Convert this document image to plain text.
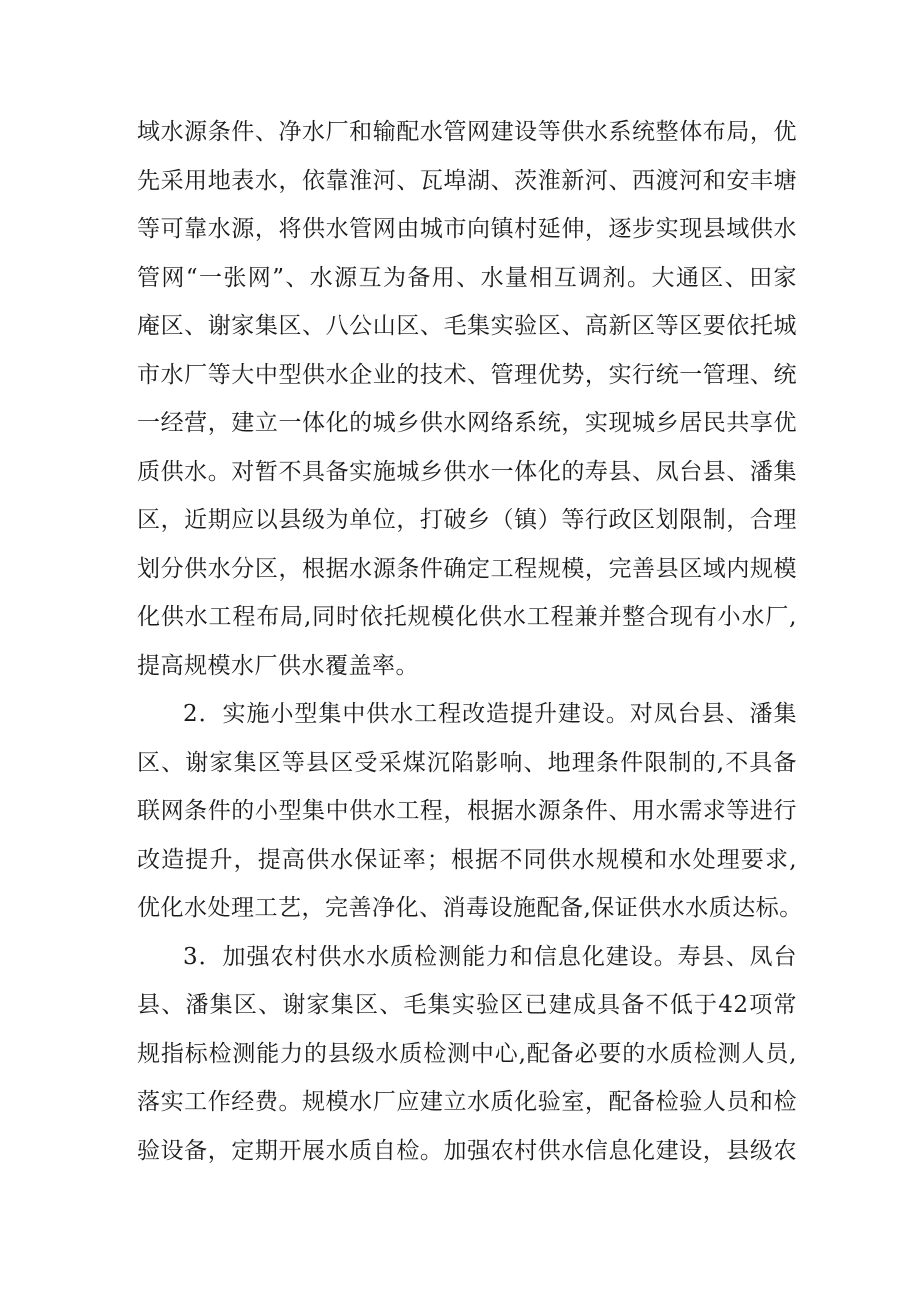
域水源条件、净水厂和输配水管网建设等供水系统整体布局，优
先采用地表水，依靠淮河、瓦埠湖、茨淮新河、西渡河和安丰塘
等可靠水源，将供水管网由城市向镇村延伸，逐步实现县域供水
管网“一张网”、水源互为备用、水量相互调剂。大通区、田家
庵区、谢家集区、八公山区、毛集实验区、高新区等区要依托城
市水厂等大中型供水企业的技术、管理优势，实行统一管理、统
一经营，建立一体化的城乡供水网络系统，实现城乡居民共享优
质供水。对暂不具备实施城乡供水一体化的寿县、凤台县、潘集
区，近期应以县级为单位，打破乡（镇）等行政区划限制，合理
划分供水分区，根据水源条件确定工程规模，完善县区域内规模
化供水工程布局,同时依托规模化供水工程兼并整合现有小水厂,
提高规模水厂供水覆盖率。

2．实施小型集中供水工程改造提升建设。对凤台县、潘集
区、谢家集区等县区受采煤沉陷影响、地理条件限制的,不具备
联网条件的小型集中供水工程，根据水源条件、用水需求等进行
改造提升，提高供水保证率；根据不同供水规模和水处理要求,
优化水处理工艺，完善净化、消毒设施配备,保证供水水质达标。

3．加强农村供水水质检测能力和信息化建设。寿县、凤台
县、潘集区、谢家集区、毛集实验区已建成具备不低于42项常
规指标检测能力的县级水质检测中心,配备必要的水质检测人员,
落实工作经费。规模水厂应建立水质化验室，配备检验人员和检
验设备，定期开展水质自检。加强农村供水信息化建设，县级农
